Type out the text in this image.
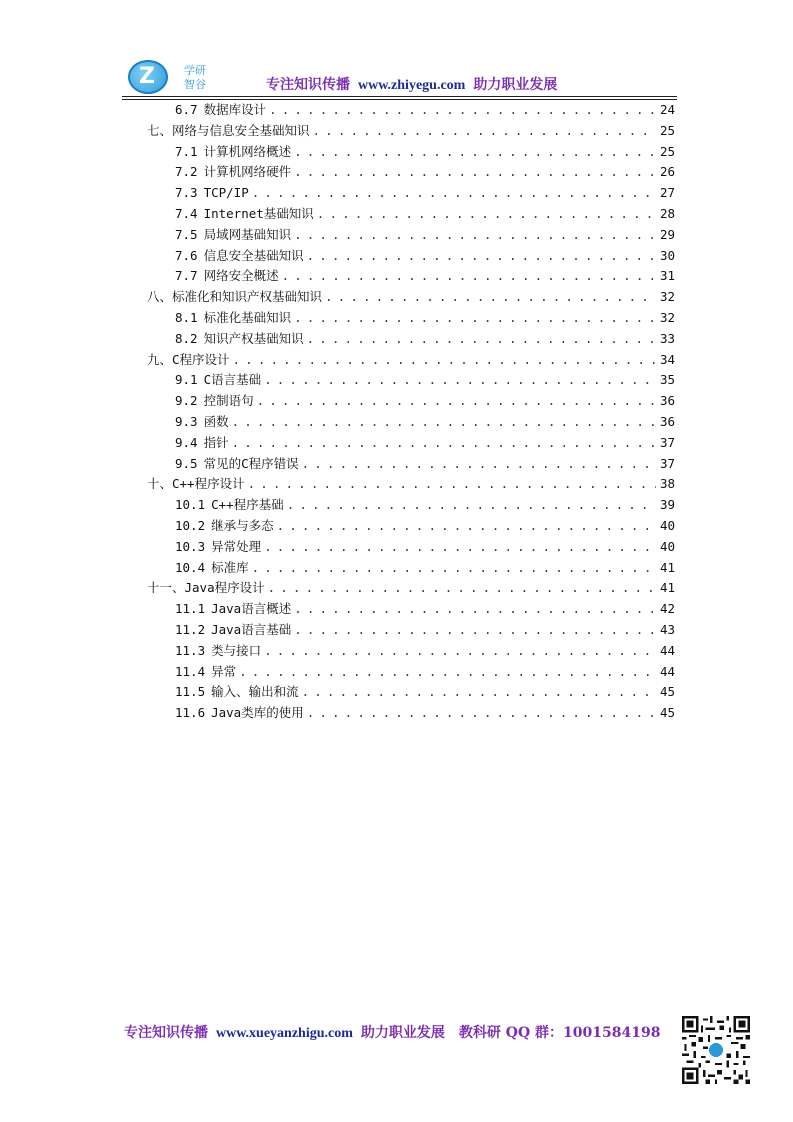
Z	学研
智谷	专注知识传播 www.zhiyegu.com 助力职业发展
6.7 数据库设计 . . .	24
七、网络与信息安全基础知识 . . .	25
7.1 计算机网络概述 . . .	25
7.2 计算机网络硬件 . . .	26
7.3 TCP/IP . . .	27
7.4 Internet基础知识 . . .	28
7.5 局域网基础知识 . . .	29
7.6 信息安全基础知识 . . .	30
7.7 网络安全概述 . . .	31
八、标准化和知识产权基础知识 . . .	32
8.1 标准化基础知识 . . .	32
8.2 知识产权基础知识 . . .	33
九、C程序设计 . . .	34
9.1 C语言基础 . . .	35
9.2 控制语句 . . .	36
9.3 函数 . . .	36
9.4 指针 . . .	37
9.5 常见的C程序错误 . . .	37
十、C++程序设计 . . .	38
10.1 C++程序基础 . . .	39
10.2 继承与多态 . . .	40
10.3 异常处理 . . .	40
10.4 标准库 . . .	41
十一、Java程序设计 . . .	41
11.1 Java语言概述 . . .	42
11.2 Java语言基础 . . .	43
11.3 类与接口 . . .	44
11.4 异常 . . .	44
11.5 输入、输出和流 . . .	45
11.6 Java类库的使用 . . .	45
专注知识传播 www.xueyanzhigu.com 助力职业发展 教科研 QQ 群：1001584198
